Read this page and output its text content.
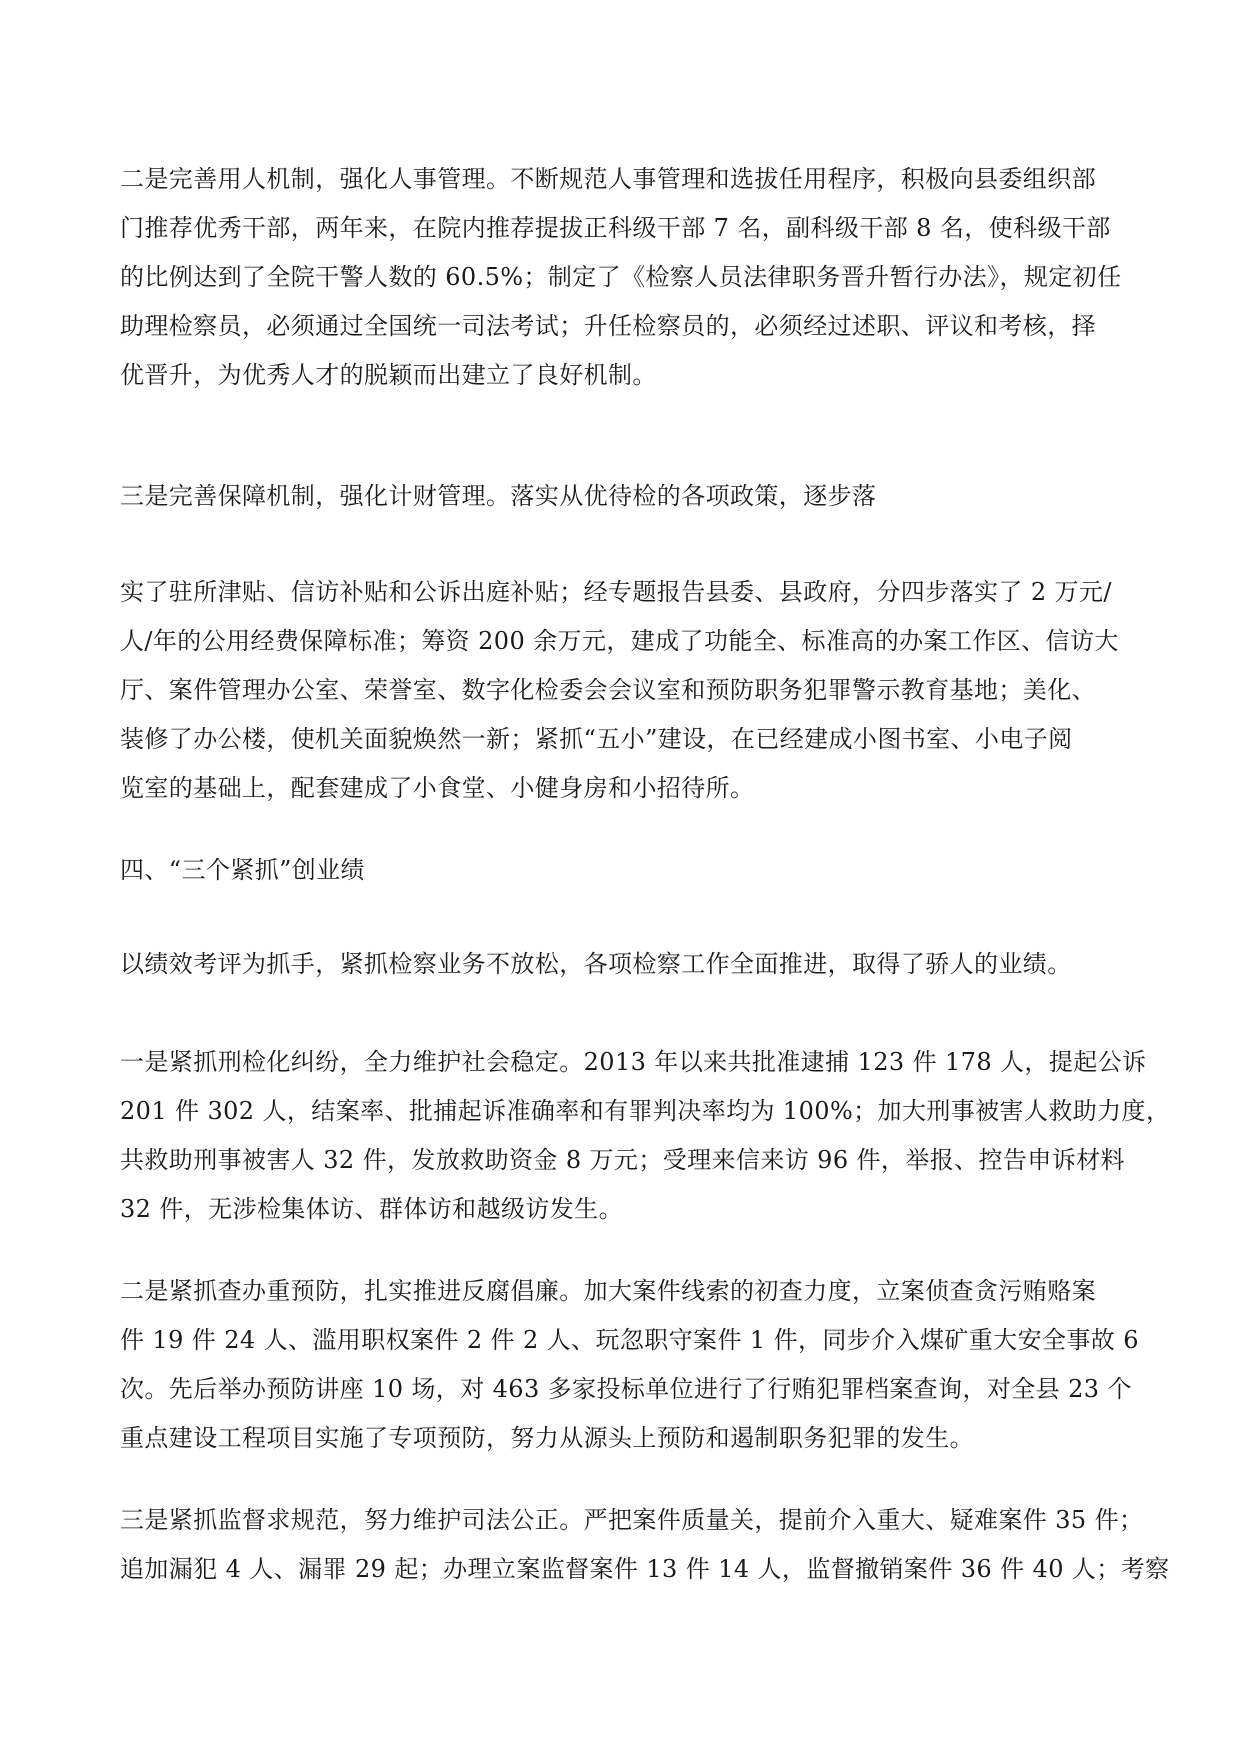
二是完善用人机制，强化人事管理。不断规范人事管理和选拔任用程序，积极向县委组织部
门推荐优秀干部，两年来，在院内推荐提拔正科级干部 7 名，副科级干部 8 名，使科级干部
的比例达到了全院干警人数的 60.5%；制定了《检察人员法律职务晋升暂行办法》，规定初任
助理检察员，必须通过全国统一司法考试；升任检察员的，必须经过述职、评议和考核，择
优晋升，为优秀人才的脱颖而出建立了良好机制。
三是完善保障机制，强化计财管理。落实从优待检的各项政策，逐步落
实了驻所津贴、信访补贴和公诉出庭补贴；经专题报告县委、县政府，分四步落实了 2 万元/
人/年的公用经费保障标准；筹资 200 余万元，建成了功能全、标准高的办案工作区、信访大
厅、案件管理办公室、荣誉室、数字化检委会会议室和预防职务犯罪警示教育基地；美化、
装修了办公楼，使机关面貌焕然一新；紧抓“五小”建设，在已经建成小图书室、小电子阅
览室的基础上，配套建成了小食堂、小健身房和小招待所。
四、“三个紧抓”创业绩
以绩效考评为抓手，紧抓检察业务不放松，各项检察工作全面推进，取得了骄人的业绩。
一是紧抓刑检化纠纷，全力维护社会稳定。2013 年以来共批准逮捕 123 件 178 人，提起公诉
201 件 302 人，结案率、批捕起诉准确率和有罪判决率均为 100%；加大刑事被害人救助力度，
共救助刑事被害人 32 件，发放救助资金 8 万元；受理来信来访 96 件，举报、控告申诉材料
32 件，无涉检集体访、群体访和越级访发生。
二是紧抓查办重预防，扎实推进反腐倡廉。加大案件线索的初查力度，立案侦查贪污贿赂案
件 19 件 24 人、滥用职权案件 2 件 2 人、玩忽职守案件 1 件，同步介入煤矿重大安全事故 6
次。先后举办预防讲座 10 场，对 463 多家投标单位进行了行贿犯罪档案查询，对全县 23 个
重点建设工程项目实施了专项预防，努力从源头上预防和遏制职务犯罪的发生。
三是紧抓监督求规范，努力维护司法公正。严把案件质量关，提前介入重大、疑难案件 35 件；
追加漏犯 4 人、漏罪 29 起；办理立案监督案件 13 件 14 人，监督撤销案件 36 件 40 人；考察
